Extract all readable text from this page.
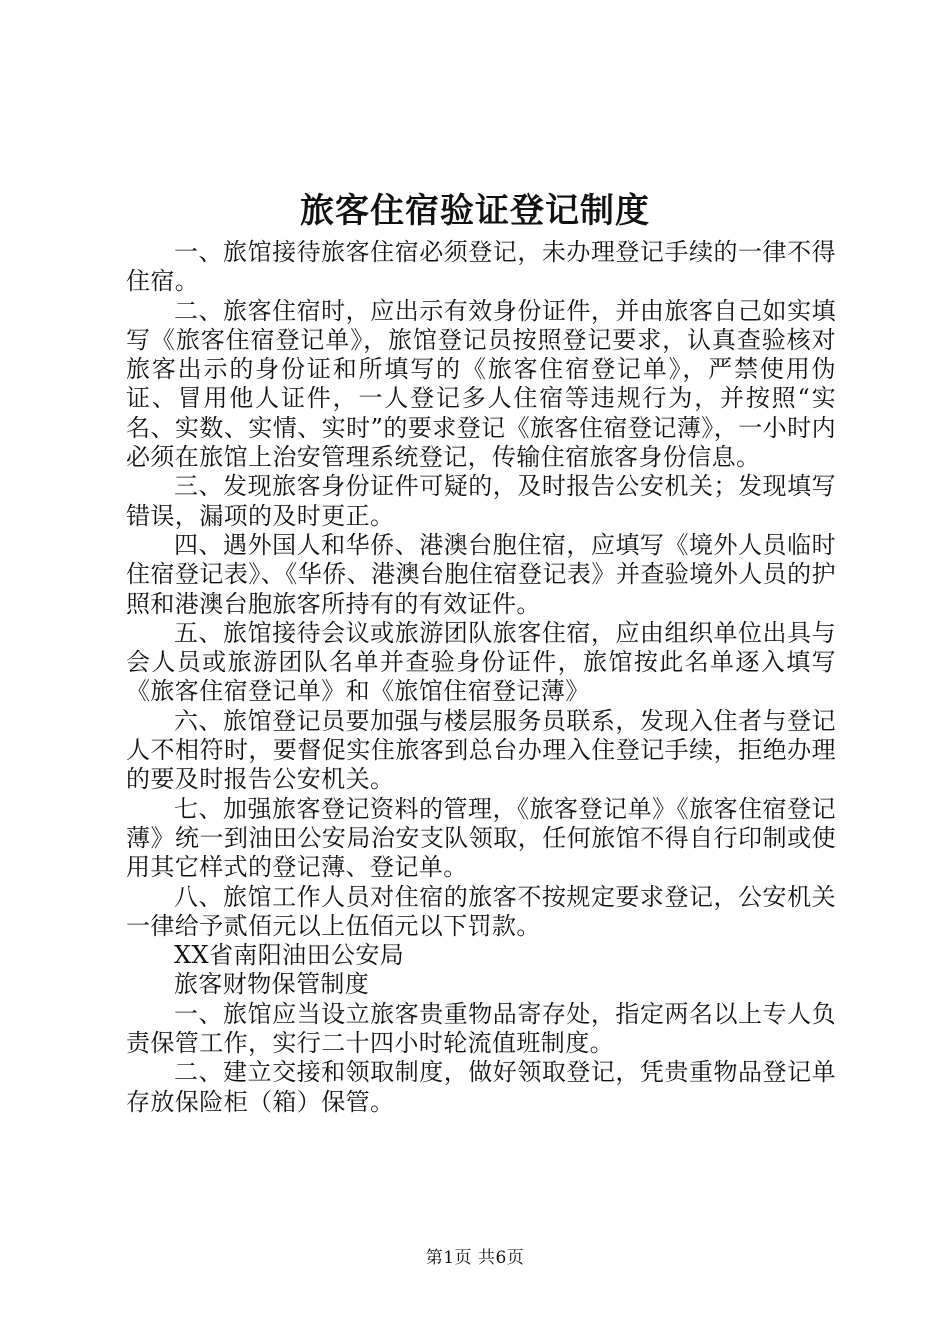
旅客住宿验证登记制度

一、旅馆接待旅客住宿必须登记，未办理登记手续的一律不得住宿。

二、旅客住宿时，应出示有效身份证件，并由旅客自己如实填写《旅客住宿登记单》，旅馆登记员按照登记要求，认真查验核对旅客出示的身份证和所填写的《旅客住宿登记单》，严禁使用伪证、冒用他人证件，一人登记多人住宿等违规行为，并按照“实名、实数、实情、实时”的要求登记《旅客住宿登记薄》，一小时内必须在旅馆上治安管理系统登记，传输住宿旅客身份信息。

三、发现旅客身份证件可疑的，及时报告公安机关；发现填写错误，漏项的及时更正。

四、遇外国人和华侨、港澳台胞住宿，应填写《境外人员临时住宿登记表》、《华侨、港澳台胞住宿登记表》并查验境外人员的护照和港澳台胞旅客所持有的有效证件。

五、旅馆接待会议或旅游团队旅客住宿，应由组织单位出具与会人员或旅游团队名单并查验身份证件，旅馆按此名单逐入填写《旅客住宿登记单》和《旅馆住宿登记薄》

六、旅馆登记员要加强与楼层服务员联系，发现入住者与登记人不相符时，要督促实住旅客到总台办理入住登记手续，拒绝办理的要及时报告公安机关。

七、加强旅客登记资料的管理，《旅客登记单》《旅客住宿登记薄》统一到油田公安局治安支队领取，任何旅馆不得自行印制或使用其它样式的登记薄、登记单。

八、旅馆工作人员对住宿的旅客不按规定要求登记，公安机关一律给予贰佰元以上伍佰元以下罚款。

XX省南阳油田公安局

旅客财物保管制度

一、旅馆应当设立旅客贵重物品寄存处，指定两名以上专人负责保管工作，实行二十四小时轮流值班制度。

二、建立交接和领取制度，做好领取登记，凭贵重物品登记单存放保险柜（箱）保管。

第1页 共6页
